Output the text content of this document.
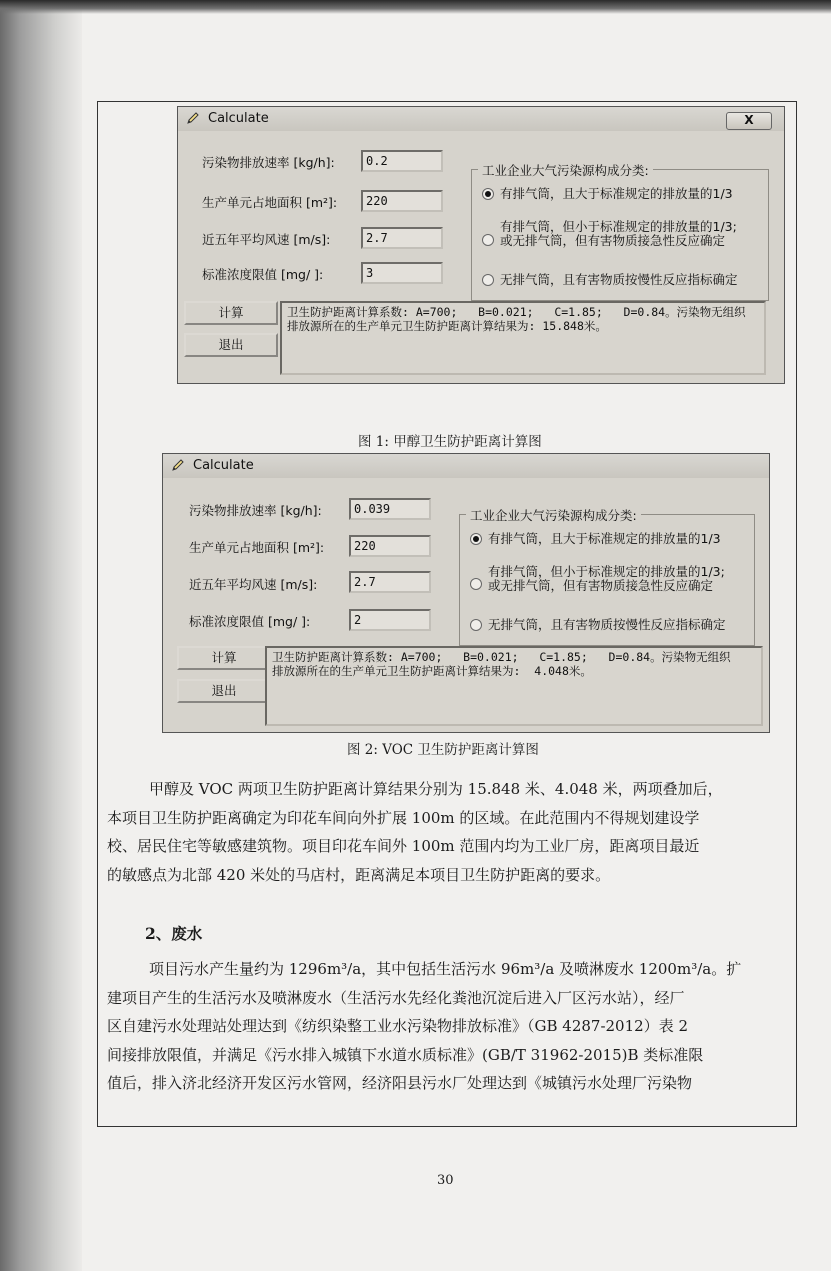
Calculate	X
污染物排放速率 [kg/h]:	0.2
生产单元占地面积 [m²]:	220
近五年平均风速 [m/s]:	2.7
标准浓度限值 [mg/ ]:	3
工业企业大气污染源构成分类:
有排气筒，且大于标准规定的排放量的1/3
有排气筒，但小于标准规定的排放量的1/3;
或无排气筒，但有害物质接急性反应确定
无排气筒，且有害物质按慢性反应指标确定
计算
退出
卫生防护距离计算系数: A=700;   B=0.021;   C=1.85;   D=0.84。污染物无组织
排放源所在的生产单元卫生防护距离计算结果为: 15.848米。
图 1: 甲醇卫生防护距离计算图
Calculate
污染物排放速率 [kg/h]:	0.039
生产单元占地面积 [m²]:	220
近五年平均风速 [m/s]:	2.7
标准浓度限值 [mg/ ]:	2
工业企业大气污染源构成分类:
有排气筒，且大于标准规定的排放量的1/3
有排气筒，但小于标准规定的排放量的1/3;
或无排气筒，但有害物质接急性反应确定
无排气筒，且有害物质按慢性反应指标确定
计算
退出
卫生防护距离计算系数: A=700;   B=0.021;   C=1.85;   D=0.84。污染物无组织
排放源所在的生产单元卫生防护距离计算结果为:  4.048米。
图 2: VOC 卫生防护距离计算图

甲醇及 VOC 两项卫生防护距离计算结果分别为 15.848 米、4.048 米，两项叠加后，

本项目卫生防护距离确定为印花车间向外扩展 100m 的区域。在此范围内不得规划建设学

校、居民住宅等敏感建筑物。项目印花车间外 100m 范围内均为工业厂房，距离项目最近

的敏感点为北部 420 米处的马店村，距离满足本项目卫生防护距离的要求。

2、废水

项目污水产生量约为 1296m³/a，其中包括生活污水 96m³/a 及喷淋废水 1200m³/a。扩

建项目产生的生活污水及喷淋废水（生活污水先经化粪池沉淀后进入厂区污水站），经厂

区自建污水处理站处理达到《纺织染整工业水污染物排放标准》（GB 4287-2012）表 2

间接排放限值，并满足《污水排入城镇下水道水质标准》(GB/T 31962-2015)B 类标准限

值后，排入济北经济开发区污水管网，经济阳县污水厂处理达到《城镇污水处理厂污染物

30
